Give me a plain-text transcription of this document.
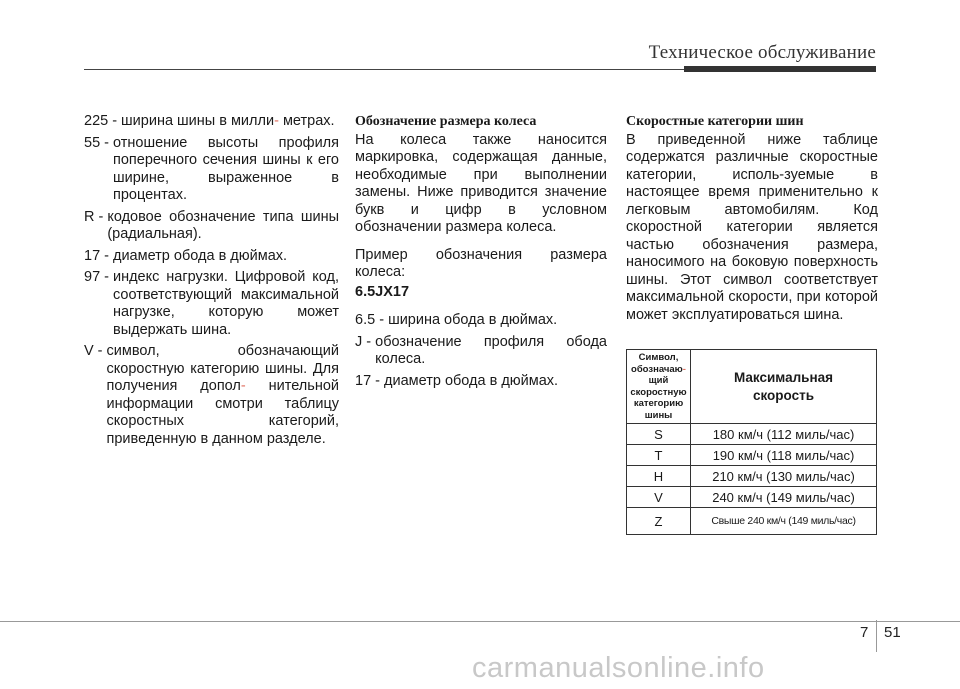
Техническое обслуживание
225 - ширина шины в милли- метрах.
55 - отношение высоты профиля поперечного сечения шины к его ширине, выраженное в процентах.
R - кодовое обозначение типа шины (радиальная).
17 - диаметр обода в дюймах.
97 - индекс нагрузки. Цифровой код, соответствующий максимальной нагрузке, которую может выдержать шина.
V - символ, обозначающий скоростную категорию шины. Для получения допол- нительной информации смотри таблицу скоростных категорий, приведенную в данном разделе.
Обозначение размера колеса

На колеса также наносится маркировка, содержащая данные, необходимые при выполнении замены. Ниже приводится значение букв и цифр в условном обозначении размера колеса.

Пример обозначения размера колеса:

6.5JX17
6.5 - ширина обода в дюймах.
J - обозначение профиля обода колеса.
17 - диаметр обода в дюймах.
Скоростные категории шин

В приведенной ниже таблице содержатся различные скоростные категории, исполь-зуемые в настоящее время применительно к легковым автомобилям. Код скоростной категории является частью обозначения размера, наносимого на боковую поверхность шины. Этот символ соответствует максимальной скорости, при которой может эксплуатироваться шина.

Символ, обозначаю- щий скоростную категорию шины	Максимальная скорость

S	180 км/ч (112 миль/час)
T	190 км/ч (118 миль/час)
H	210 км/ч (130 миль/час)
V	240 км/ч (149 миль/час)
Z	Свыше 240 км/ч (149 миль/час)
7 51
carmanualsonline.info
